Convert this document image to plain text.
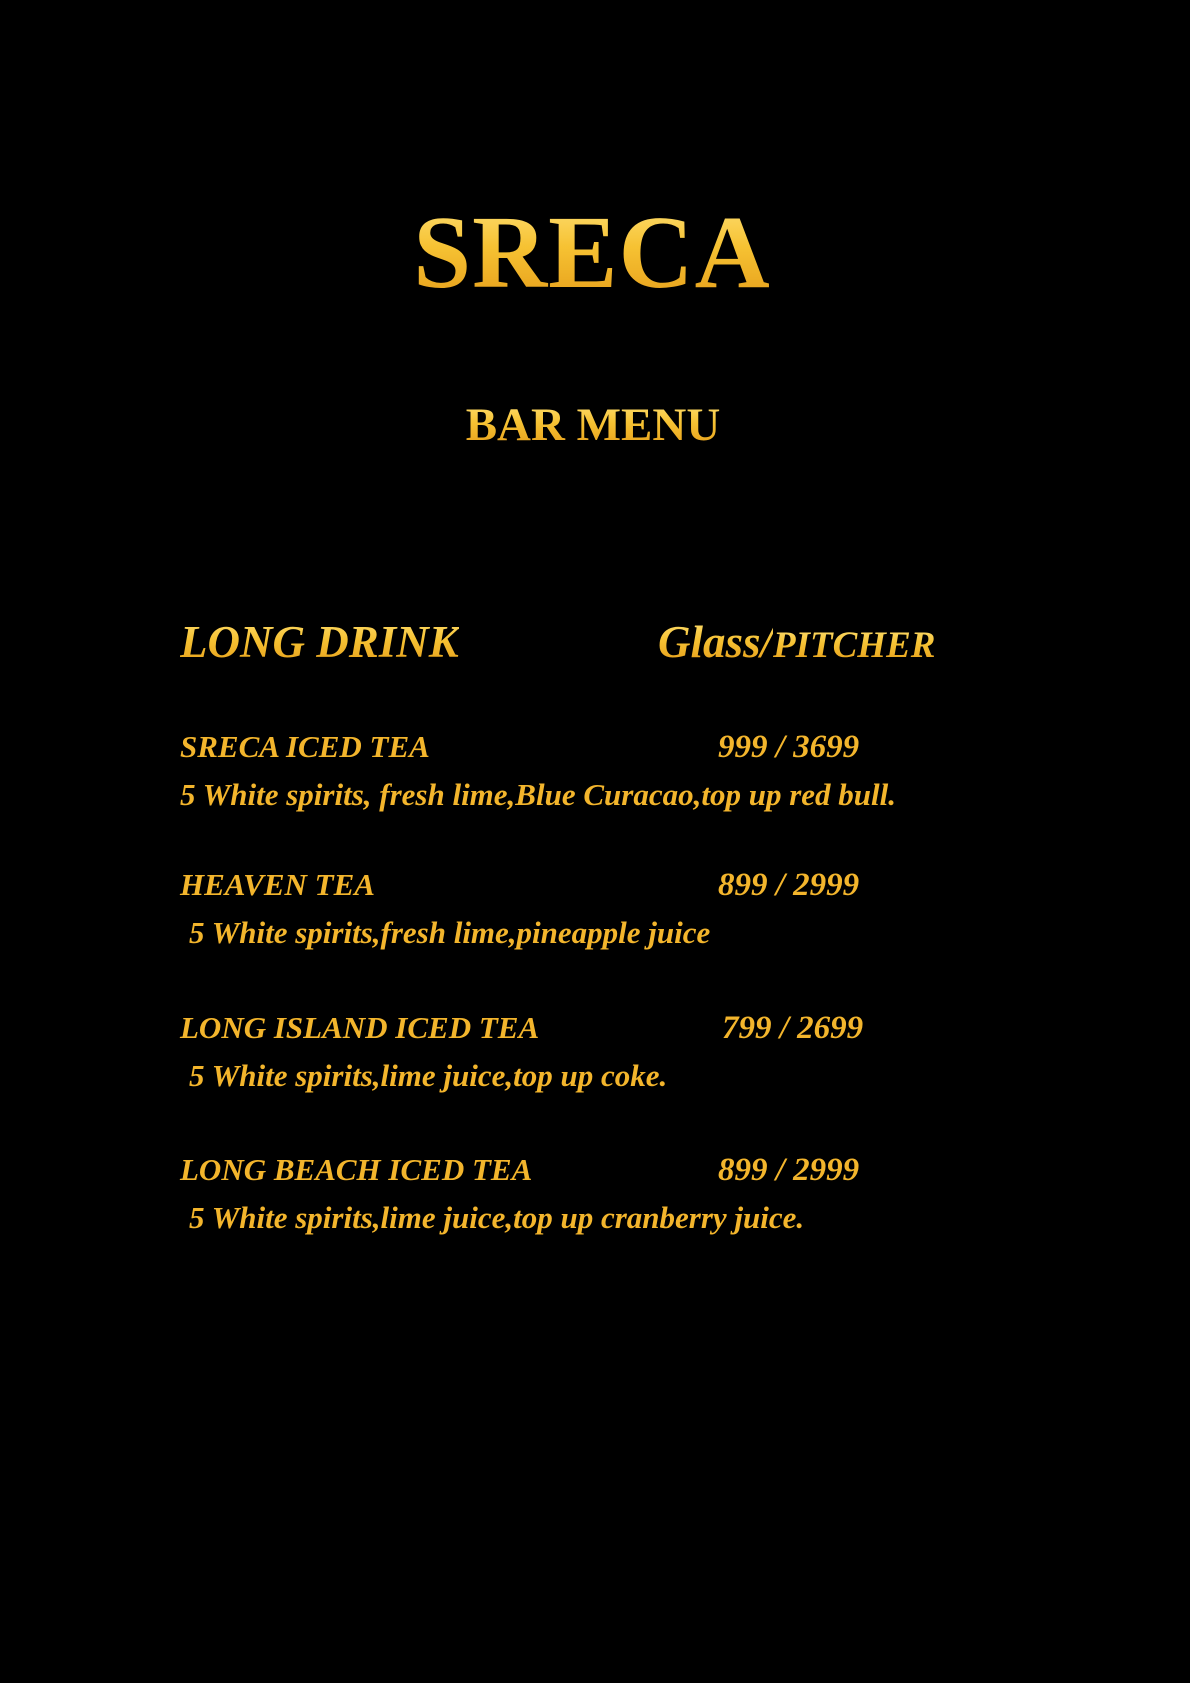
SRECA
BAR MENU
LONG DRINK	Glass/PITCHER
SRECA ICED TEA	999 / 3699
5 White spirits, fresh lime,Blue Curacao,top up red bull.
HEAVEN TEA	899 / 2999
5 White spirits,fresh lime,pineapple juice
LONG ISLAND ICED TEA	799 / 2699
5 White spirits,lime juice,top up coke.
LONG BEACH ICED TEA	899 / 2999
5 White spirits,lime juice,top up cranberry juice.
